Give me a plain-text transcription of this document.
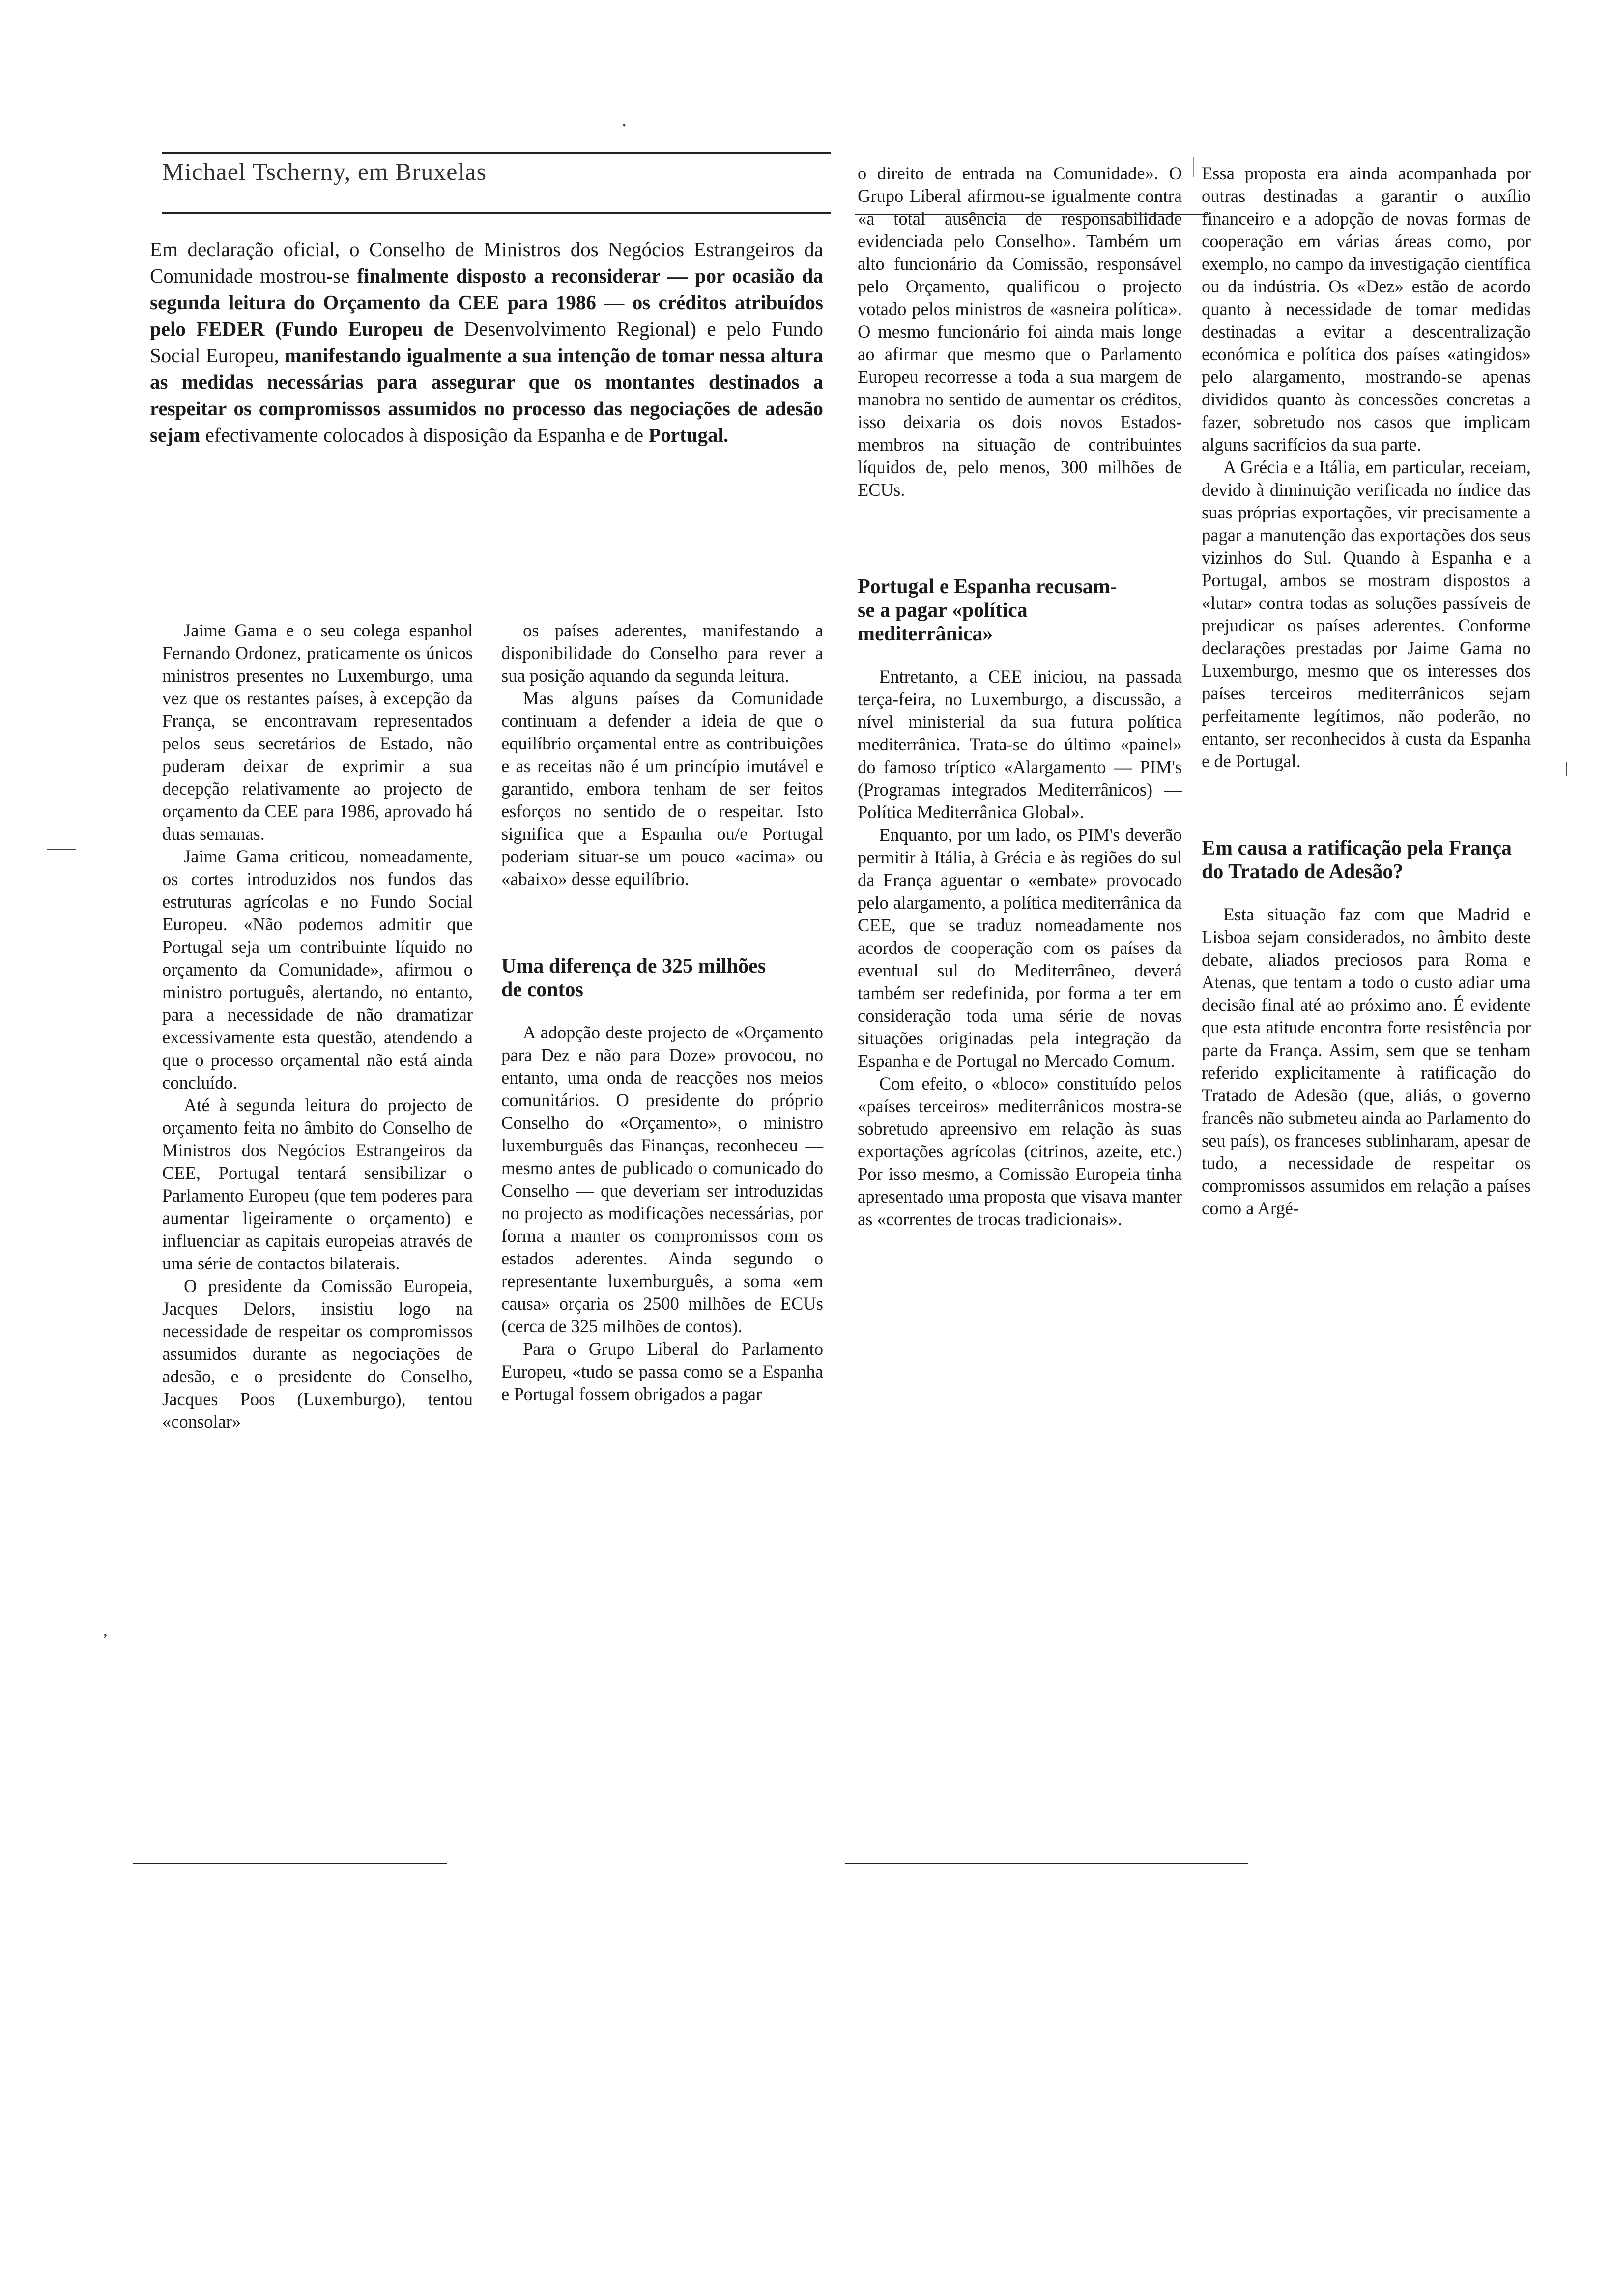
.
,
Michael Tscherny, em Bruxelas

Em declaração oficial, o Conselho de Ministros dos Negócios Estrangeiros da Comunidade mostrou-se finalmente disposto a reconsiderar — por ocasião da segunda leitura do Orçamento da CEE para 1986 — os créditos atribuídos pelo FEDER (Fundo Europeu de Desenvolvimento Regional) e pelo Fundo Social Europeu, manifestando igualmente a sua intenção de tomar nessa altura as medidas necessárias para assegurar que os montantes destinados a respeitar os compromissos assumidos no processo das negociações de adesão sejam efectivamente colocados à disposição da Espanha e de Portugal.

Jaime Gama e o seu colega espanhol Fernando Ordonez, praticamente os únicos ministros presentes no Luxemburgo, uma vez que os restantes países, à excepção da França, se encontravam representados pelos seus secretários de Estado, não puderam deixar de exprimir a sua decepção relativamente ao projecto de orçamento da CEE para 1986, aprovado há duas semanas.

Jaime Gama criticou, nomeadamente, os cortes introduzidos nos fundos das estruturas agrícolas e no Fundo Social Europeu. «Não podemos admitir que Portugal seja um contribuinte líquido no orçamento da Comunidade», afirmou o ministro português, alertando, no entanto, para a necessidade de não dramatizar excessivamente esta questão, atendendo a que o processo orçamental não está ainda concluído.

Até à segunda leitura do projecto de orçamento feita no âmbito do Conselho de Ministros dos Negócios Estrangeiros da CEE, Portugal tentará sensibilizar o Parlamento Europeu (que tem poderes para aumentar ligeiramente o orçamento) e influenciar as capitais europeias através de uma série de contactos bilaterais.

O presidente da Comissão Europeia, Jacques Delors, insistiu logo na necessidade de respeitar os compromissos assumidos durante as negociações de adesão, e o presidente do Conselho, Jacques Poos (Luxemburgo), tentou «consolar»

os países aderentes, manifestando a disponibilidade do Conselho para rever a sua posição aquando da segunda leitura.

Mas alguns países da Comunidade continuam a defender a ideia de que o equilíbrio orçamental entre as contribuições e as receitas não é um princípio imutável e garantido, embora tenham de ser feitos esforços no sentido de o respeitar. Isto significa que a Espanha ou/e Portugal poderiam situar-se um pouco «acima» ou «abaixo» desse equilíbrio.

Uma diferença de 325 milhões de contos

A adopção deste projecto de «Orçamento para Dez e não para Doze» provocou, no entanto, uma onda de reacções nos meios comunitários. O presidente do próprio Conselho do «Orçamento», o ministro luxemburguês das Finanças, reconheceu — mesmo antes de publicado o comunicado do Conselho — que deveriam ser introduzidas no projecto as modificações necessárias, por forma a manter os compromissos com os estados aderentes. Ainda segundo o representante luxemburguês, a soma «em causa» orçaria os 2500 milhões de ECUs (cerca de 325 milhões de contos).

Para o Grupo Liberal do Parlamento Europeu, «tudo se passa como se a Espanha e Portugal fossem obrigados a pagar

o direito de entrada na Comunidade». O Grupo Liberal afirmou-se igualmente contra «a total ausência de responsabilidade evidenciada pelo Conselho». Também um alto funcionário da Comissão, responsável pelo Orçamento, qualificou o projecto votado pelos ministros de «asneira política». O mesmo funcionário foi ainda mais longe ao afirmar que mesmo que o Parlamento Europeu recorresse a toda a sua margem de manobra no sentido de aumentar os créditos, isso deixaria os dois novos Estados-membros na situação de contribuintes líquidos de, pelo menos, 300 milhões de ECUs.

Portugal e Espanha recusam-se a pagar «política mediterrânica»

Entretanto, a CEE iniciou, na passada terça-feira, no Luxemburgo, a discussão, a nível ministerial da sua futura política mediterrânica. Trata-se do último «painel» do famoso tríptico «Alargamento — PIM's (Programas integrados Mediterrânicos) — Política Mediterrânica Global».

Enquanto, por um lado, os PIM's deverão permitir à Itália, à Grécia e às regiões do sul da França aguentar o «embate» provocado pelo alargamento, a política mediterrânica da CEE, que se traduz nomeadamente nos acordos de cooperação com os países da eventual sul do Mediterrâneo, deverá também ser redefinida, por forma a ter em consideração toda uma série de novas situações originadas pela integração da Espanha e de Portugal no Mercado Comum.

Com efeito, o «bloco» constituído pelos «países terceiros» mediterrânicos mostra-se sobretudo apreensivo em relação às suas exportações agrícolas (citrinos, azeite, etc.) Por isso mesmo, a Comissão Europeia tinha apresentado uma proposta que visava manter as «correntes de trocas tradicionais».

Essa proposta era ainda acompanhada por outras destinadas a garantir o auxílio financeiro e a adopção de novas formas de cooperação em várias áreas como, por exemplo, no campo da investigação científica ou da indústria. Os «Dez» estão de acordo quanto à necessidade de tomar medidas destinadas a evitar a descentralização económica e política dos países «atingidos» pelo alargamento, mostrando-se apenas divididos quanto às concessões concretas a fazer, sobretudo nos casos que implicam alguns sacrifícios da sua parte.

A Grécia e a Itália, em particular, receiam, devido à diminuição verificada no índice das suas próprias exportações, vir precisamente a pagar a manutenção das exportações dos seus vizinhos do Sul. Quando à Espanha e a Portugal, ambos se mostram dispostos a «lutar» contra todas as soluções passíveis de prejudicar os países aderentes. Conforme declarações prestadas por Jaime Gama no Luxemburgo, mesmo que os interesses dos países terceiros mediterrânicos sejam perfeitamente legítimos, não poderão, no entanto, ser reconhecidos à custa da Espanha e de Portugal.

Em causa a ratificação pela França do Tratado de Adesão?

Esta situação faz com que Madrid e Lisboa sejam considerados, no âmbito deste debate, aliados preciosos para Roma e Atenas, que tentam a todo o custo adiar uma decisão final até ao próximo ano. É evidente que esta atitude encontra forte resistência por parte da França. Assim, sem que se tenham referido explicitamente à ratificação do Tratado de Adesão (que, aliás, o governo francês não submeteu ainda ao Parlamento do seu país), os franceses sublinharam, apesar de tudo, a necessidade de respeitar os compromissos assumidos em relação a países como a Argé-
